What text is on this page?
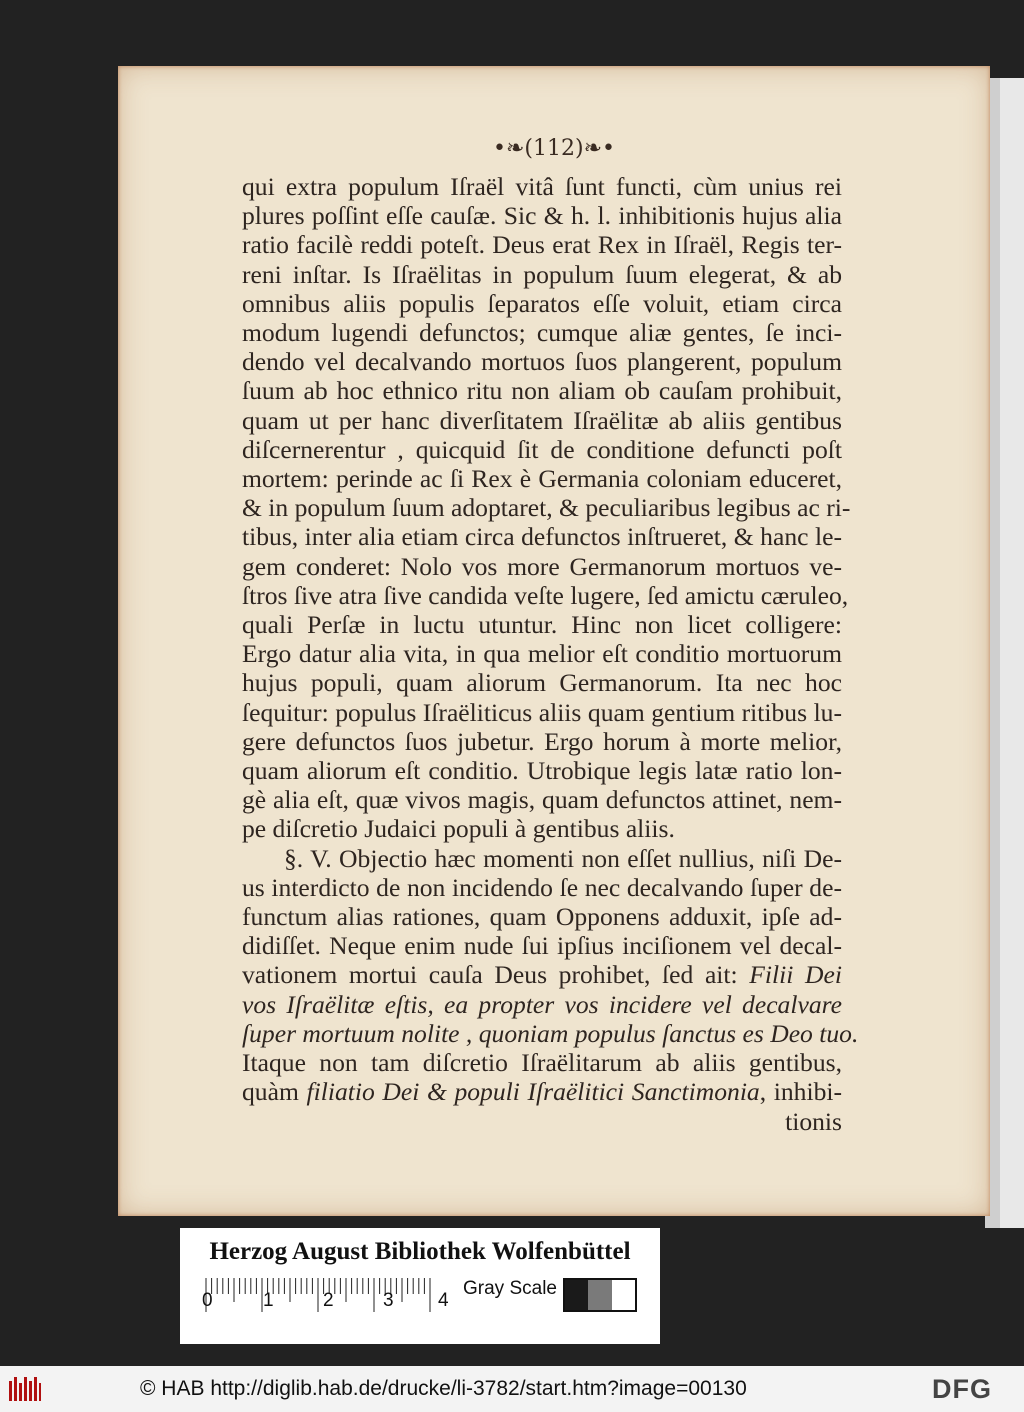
•❧(112)❧•
qui extra populum Iſraël vitâ ſunt functi, cùm unius rei
plures poſſint eſſe cauſæ. Sic & h. l. inhibitionis hujus alia
ratio facilè reddi poteſt. Deus erat Rex in Iſraël, Regis ter-
reni inſtar. Is Iſraëlitas in populum ſuum elegerat, & ab
omnibus aliis populis ſeparatos eſſe voluit, etiam circa
modum lugendi defunctos; cumque aliæ gentes, ſe inci-
dendo vel decalvando mortuos ſuos plangerent, populum
ſuum ab hoc ethnico ritu non aliam ob cauſam prohibuit,
quam ut per hanc diverſitatem Iſraëlitæ ab aliis gentibus
diſcernerentur , quicquid ſit de conditione defuncti poſt
mortem: perinde ac ſi Rex è Germania coloniam educeret,
& in populum ſuum adoptaret, & peculiaribus legibus ac ri-
tibus, inter alia etiam circa defunctos inſtrueret, & hanc le-
gem conderet: Nolo vos more Germanorum mortuos ve-
ſtros ſive atra ſive candida veſte lugere, ſed amictu cæruleo,
quali Perſæ in luctu utuntur. Hinc non licet colligere:
Ergo datur alia vita, in qua melior eſt conditio mortuorum
hujus populi, quam aliorum Germanorum. Ita nec hoc
ſequitur: populus Iſraëliticus aliis quam gentium ritibus lu-
gere defunctos ſuos jubetur. Ergo horum à morte melior,
quam aliorum eſt conditio. Utrobique legis latæ ratio lon-
gè alia eſt, quæ vivos magis, quam defunctos attinet, nem-
pe diſcretio Judaici populi à gentibus aliis.
§. V. Objectio hæc momenti non eſſet nullius, niſi De-
us interdicto de non incidendo ſe nec decalvando ſuper de-
functum alias rationes, quam Opponens adduxit, ipſe ad-
didiſſet. Neque enim nude ſui ipſius inciſionem vel decal-
vationem mortui cauſa Deus prohibet, ſed ait: Filii Dei
vos Iſraëlitæ eſtis, ea propter vos incidere vel decalvare
ſuper mortuum nolite , quoniam populus ſanctus es Deo tuo.
Itaque non tam diſcretio Iſraëlitarum ab aliis gentibus,
quàm filiatio Dei & populi Iſraëlitici Sanctimonia, inhibi-
tionis
Herzog August Bibliothek Wolfenbüttel
0	1	2	3 4
Gray Scale
© HAB http://diglib.hab.de/drucke/li-3782/start.htm?image=00130	DFG
